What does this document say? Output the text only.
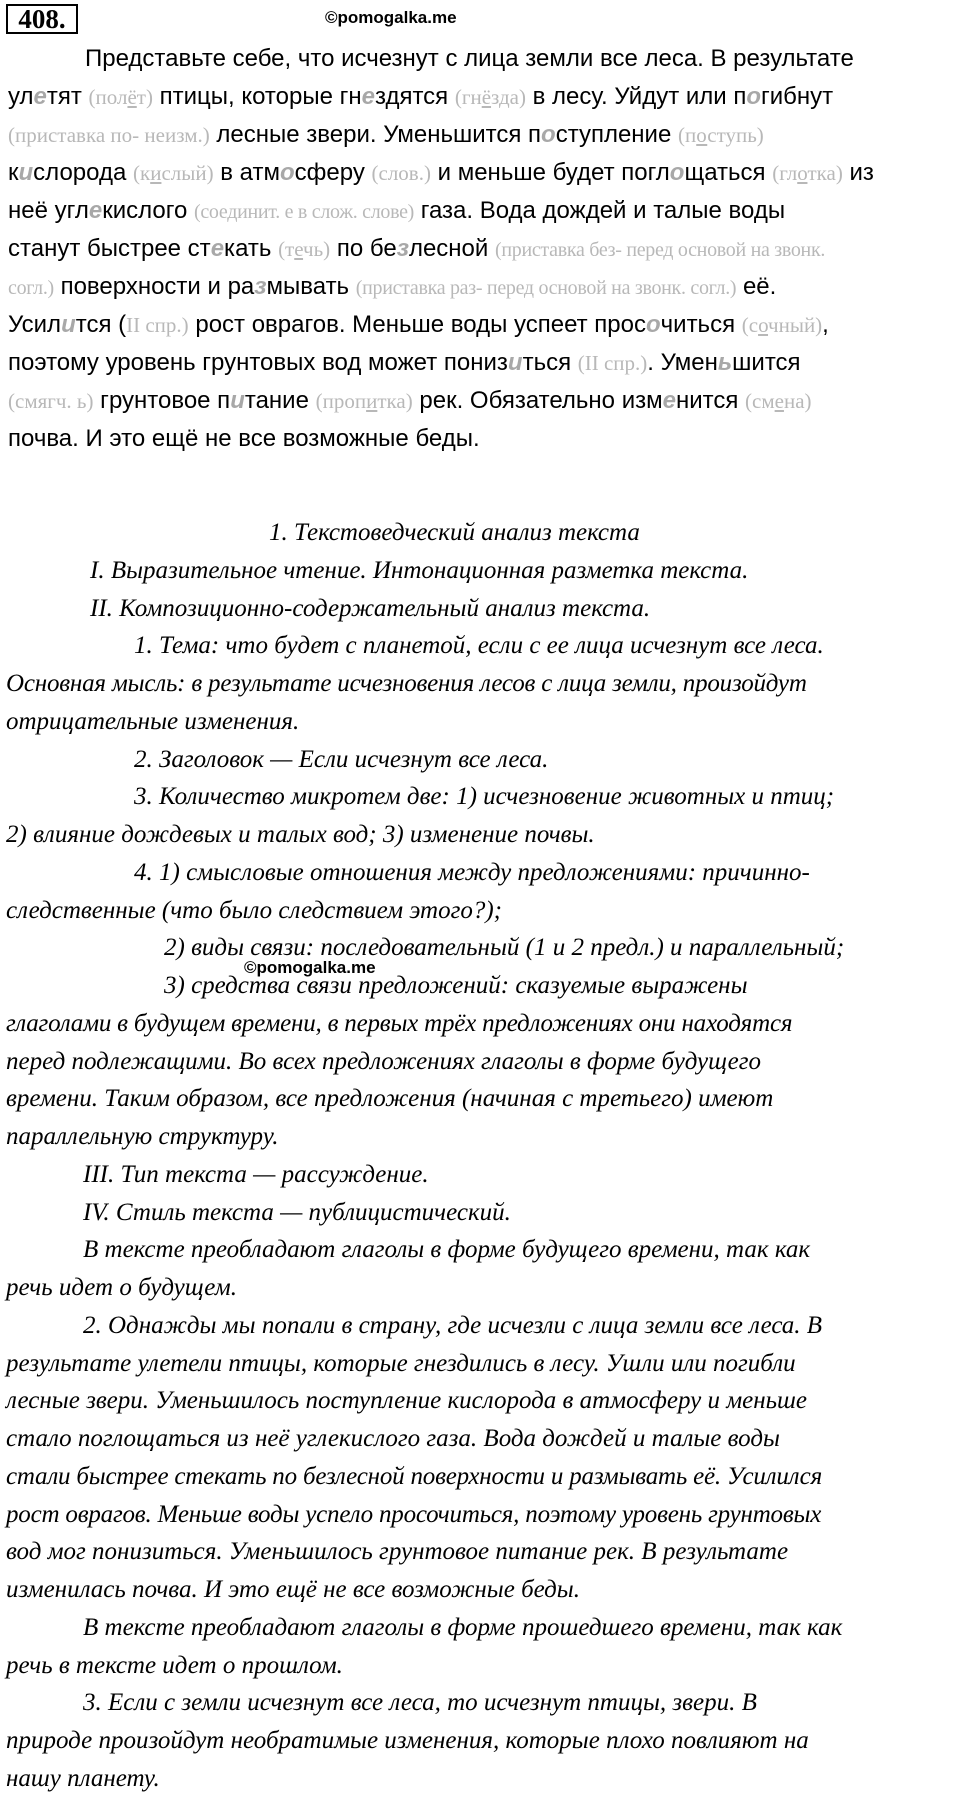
408.	©pomogalka.me
Представьте себе, что исчезнут с лица земли все леса. В результате
улетят (полёт) птицы, которые гнездятся (гнёзда) в лесу. Уйдут или погибнут
(приставка по- неизм.) лесные звери. Уменьшится поступление (поступь)
кислорода (кислый) в атмосферу (слов.) и меньше будет поглощаться (глотка) из
неё углекислого (соединит. е в слож. слове) газа. Вода дождей и талые воды
станут быстрее стекать (течь) по безлесной (приставка без- перед основой на звонк.
согл.) поверхности и размывать (приставка раз- перед основой на звонк. согл.) её.
Усилится (II спр.) рост оврагов. Меньше воды успеет просочиться (сочный),
поэтому уровень грунтовых вод может понизиться (II спр.). Уменьшится
(смягч. ь) грунтовое питание (пропитка) рек. Обязательно изменится (смена)
почва. И это ещё не все возможные беды.
1. Текстоведческий анализ текста
I. Выразительное чтение. Интонационная разметка текста.
II. Композиционно-содержательный анализ текста.
1. Тема: что будет с планетой, если с ее лица исчезнут все леса.
Основная мысль: в результате исчезновения лесов с лица земли, произойдут
отрицательные изменения.
2. Заголовок — Если исчезнут все леса.
3. Количество микротем две: 1) исчезновение животных и птиц;
2) влияние дождевых и талых вод; 3) изменение почвы.
4. 1) смысловые отношения между предложениями: причинно-
следственные (что было следствием этого?);
2) виды связи: последовательный (1 и 2 предл.) и параллельный;
3) средства связи предложений: сказуемые выражены
глаголами в будущем времени, в первых трёх предложениях они находятся
перед подлежащими. Во всех предложениях глаголы в форме будущего
времени. Таким образом, все предложения (начиная с третьего) имеют
параллельную структуру.
III. Тип текста — рассуждение.
IV. Стиль текста — публицистический.
В тексте преобладают глаголы в форме будущего времени, так как
речь идет о будущем.
2. Однажды мы попали в страну, где исчезли с лица земли все леса. В
результате улетели птицы, которые гнездились в лесу. Ушли или погибли
лесные звери. Уменьшилось поступление кислорода в атмосферу и меньше
стало поглощаться из неё углекислого газа. Вода дождей и талые воды
стали быстрее стекать по безлесной поверхности и размывать её. Усилился
рост оврагов. Меньше воды успело просочиться, поэтому уровень грунтовых
вод мог понизиться. Уменьшилось грунтовое питание рек. В результате
изменилась почва. И это ещё не все возможные беды.
В тексте преобладают глаголы в форме прошедшего времени, так как
речь в тексте идет о прошлом.
3. Если с земли исчезнут все леса, то исчезнут птицы, звери. В
природе произойдут необратимые изменения, которые плохо повлияют на
нашу планету.
©pomogalka.me
